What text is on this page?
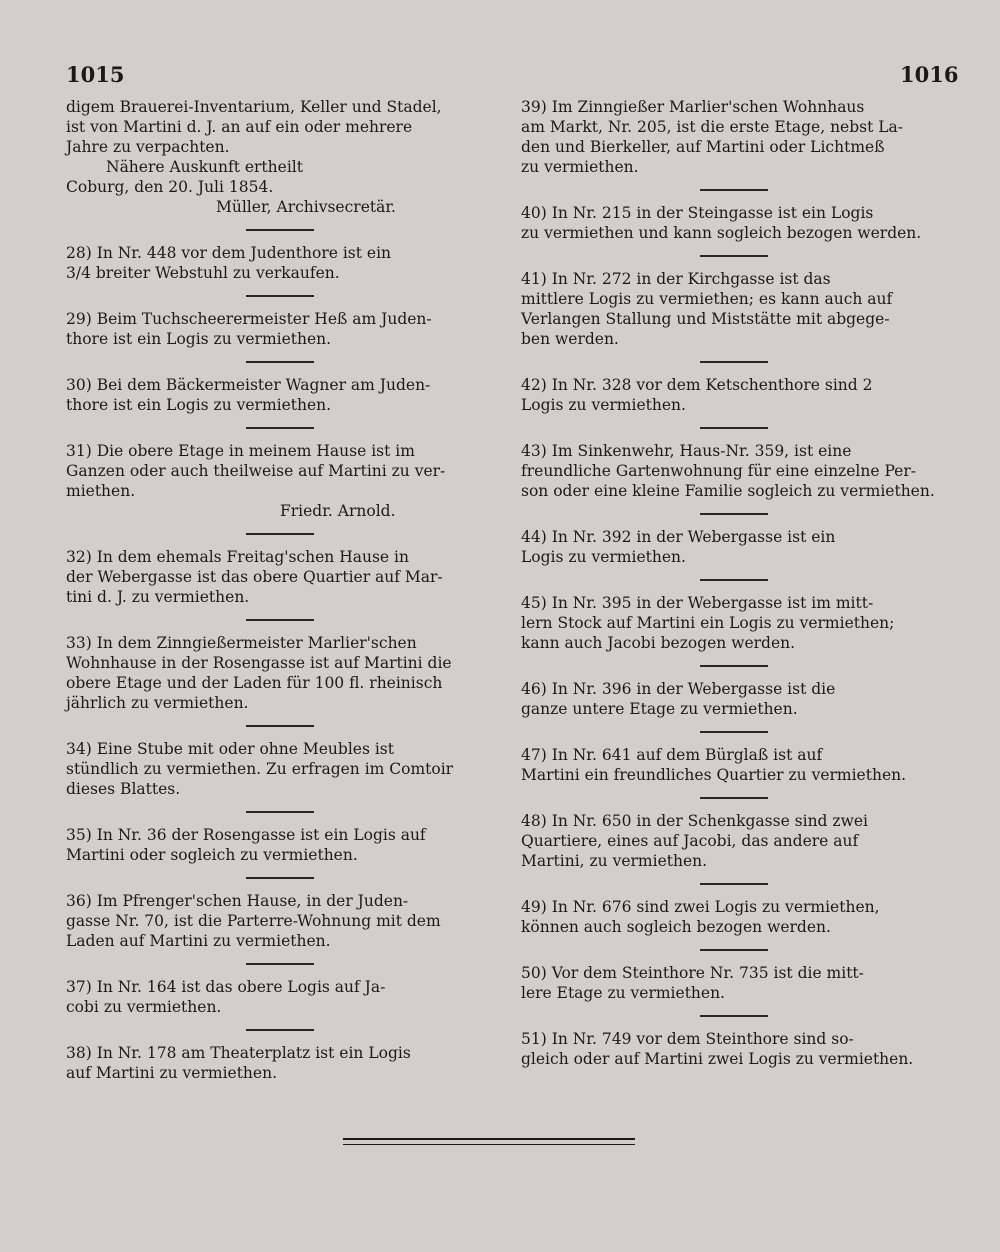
1015	1016

digem Brauerei-Inventarium, Keller und Stadel,

ist von Martini d. J. an auf ein oder mehrere

Jahre zu verpachten.

Nähere Auskunft ertheilt

Coburg, den 20. Juli 1854.

Müller, Archivsecretär.

28) In Nr. 448 vor dem Judenthore ist ein

3/4 breiter Webstuhl zu verkaufen.

29) Beim Tuchscheerermeister Heß am Juden-

thore ist ein Logis zu vermiethen.

30) Bei dem Bäckermeister Wagner am Juden-

thore ist ein Logis zu vermiethen.

31) Die obere Etage in meinem Hause ist im

Ganzen oder auch theilweise auf Martini zu ver-

miethen.

Friedr. Arnold.

32) In dem ehemals Freitag'schen Hause in

der Webergasse ist das obere Quartier auf Mar-

tini d. J. zu vermiethen.

33) In dem Zinngießermeister Marlier'schen

Wohnhause in der Rosengasse ist auf Martini die

obere Etage und der Laden für 100 fl. rheinisch

jährlich zu vermiethen.

34) Eine Stube mit oder ohne Meubles ist

stündlich zu vermiethen. Zu erfragen im Comtoir

dieses Blattes.

35) In Nr. 36 der Rosengasse ist ein Logis auf

Martini oder sogleich zu vermiethen.

36) Im Pfrenger'schen Hause, in der Juden-

gasse Nr. 70, ist die Parterre-Wohnung mit dem

Laden auf Martini zu vermiethen.

37) In Nr. 164 ist das obere Logis auf Ja-

cobi zu vermiethen.

38) In Nr. 178 am Theaterplatz ist ein Logis

auf Martini zu vermiethen.

39) Im Zinngießer Marlier'schen Wohnhaus

am Markt, Nr. 205, ist die erste Etage, nebst La-

den und Bierkeller, auf Martini oder Lichtmeß

zu vermiethen.

40) In Nr. 215 in der Steingasse ist ein Logis

zu vermiethen und kann sogleich bezogen werden.

41) In Nr. 272 in der Kirchgasse ist das

mittlere Logis zu vermiethen; es kann auch auf

Verlangen Stallung und Miststätte mit abgege-

ben werden.

42) In Nr. 328 vor dem Ketschenthore sind 2

Logis zu vermiethen.

43) Im Sinkenwehr, Haus-Nr. 359, ist eine

freundliche Gartenwohnung für eine einzelne Per-

son oder eine kleine Familie sogleich zu vermiethen.

44) In Nr. 392 in der Webergasse ist ein

Logis zu vermiethen.

45) In Nr. 395 in der Webergasse ist im mitt-

lern Stock auf Martini ein Logis zu vermiethen;

kann auch Jacobi bezogen werden.

46) In Nr. 396 in der Webergasse ist die

ganze untere Etage zu vermiethen.

47) In Nr. 641 auf dem Bürglaß ist auf

Martini ein freundliches Quartier zu vermiethen.

48) In Nr. 650 in der Schenkgasse sind zwei

Quartiere, eines auf Jacobi, das andere auf

Martini, zu vermiethen.

49) In Nr. 676 sind zwei Logis zu vermiethen,

können auch sogleich bezogen werden.

50) Vor dem Steinthore Nr. 735 ist die mitt-

lere Etage zu vermiethen.

51) In Nr. 749 vor dem Steinthore sind so-

gleich oder auf Martini zwei Logis zu vermiethen.
